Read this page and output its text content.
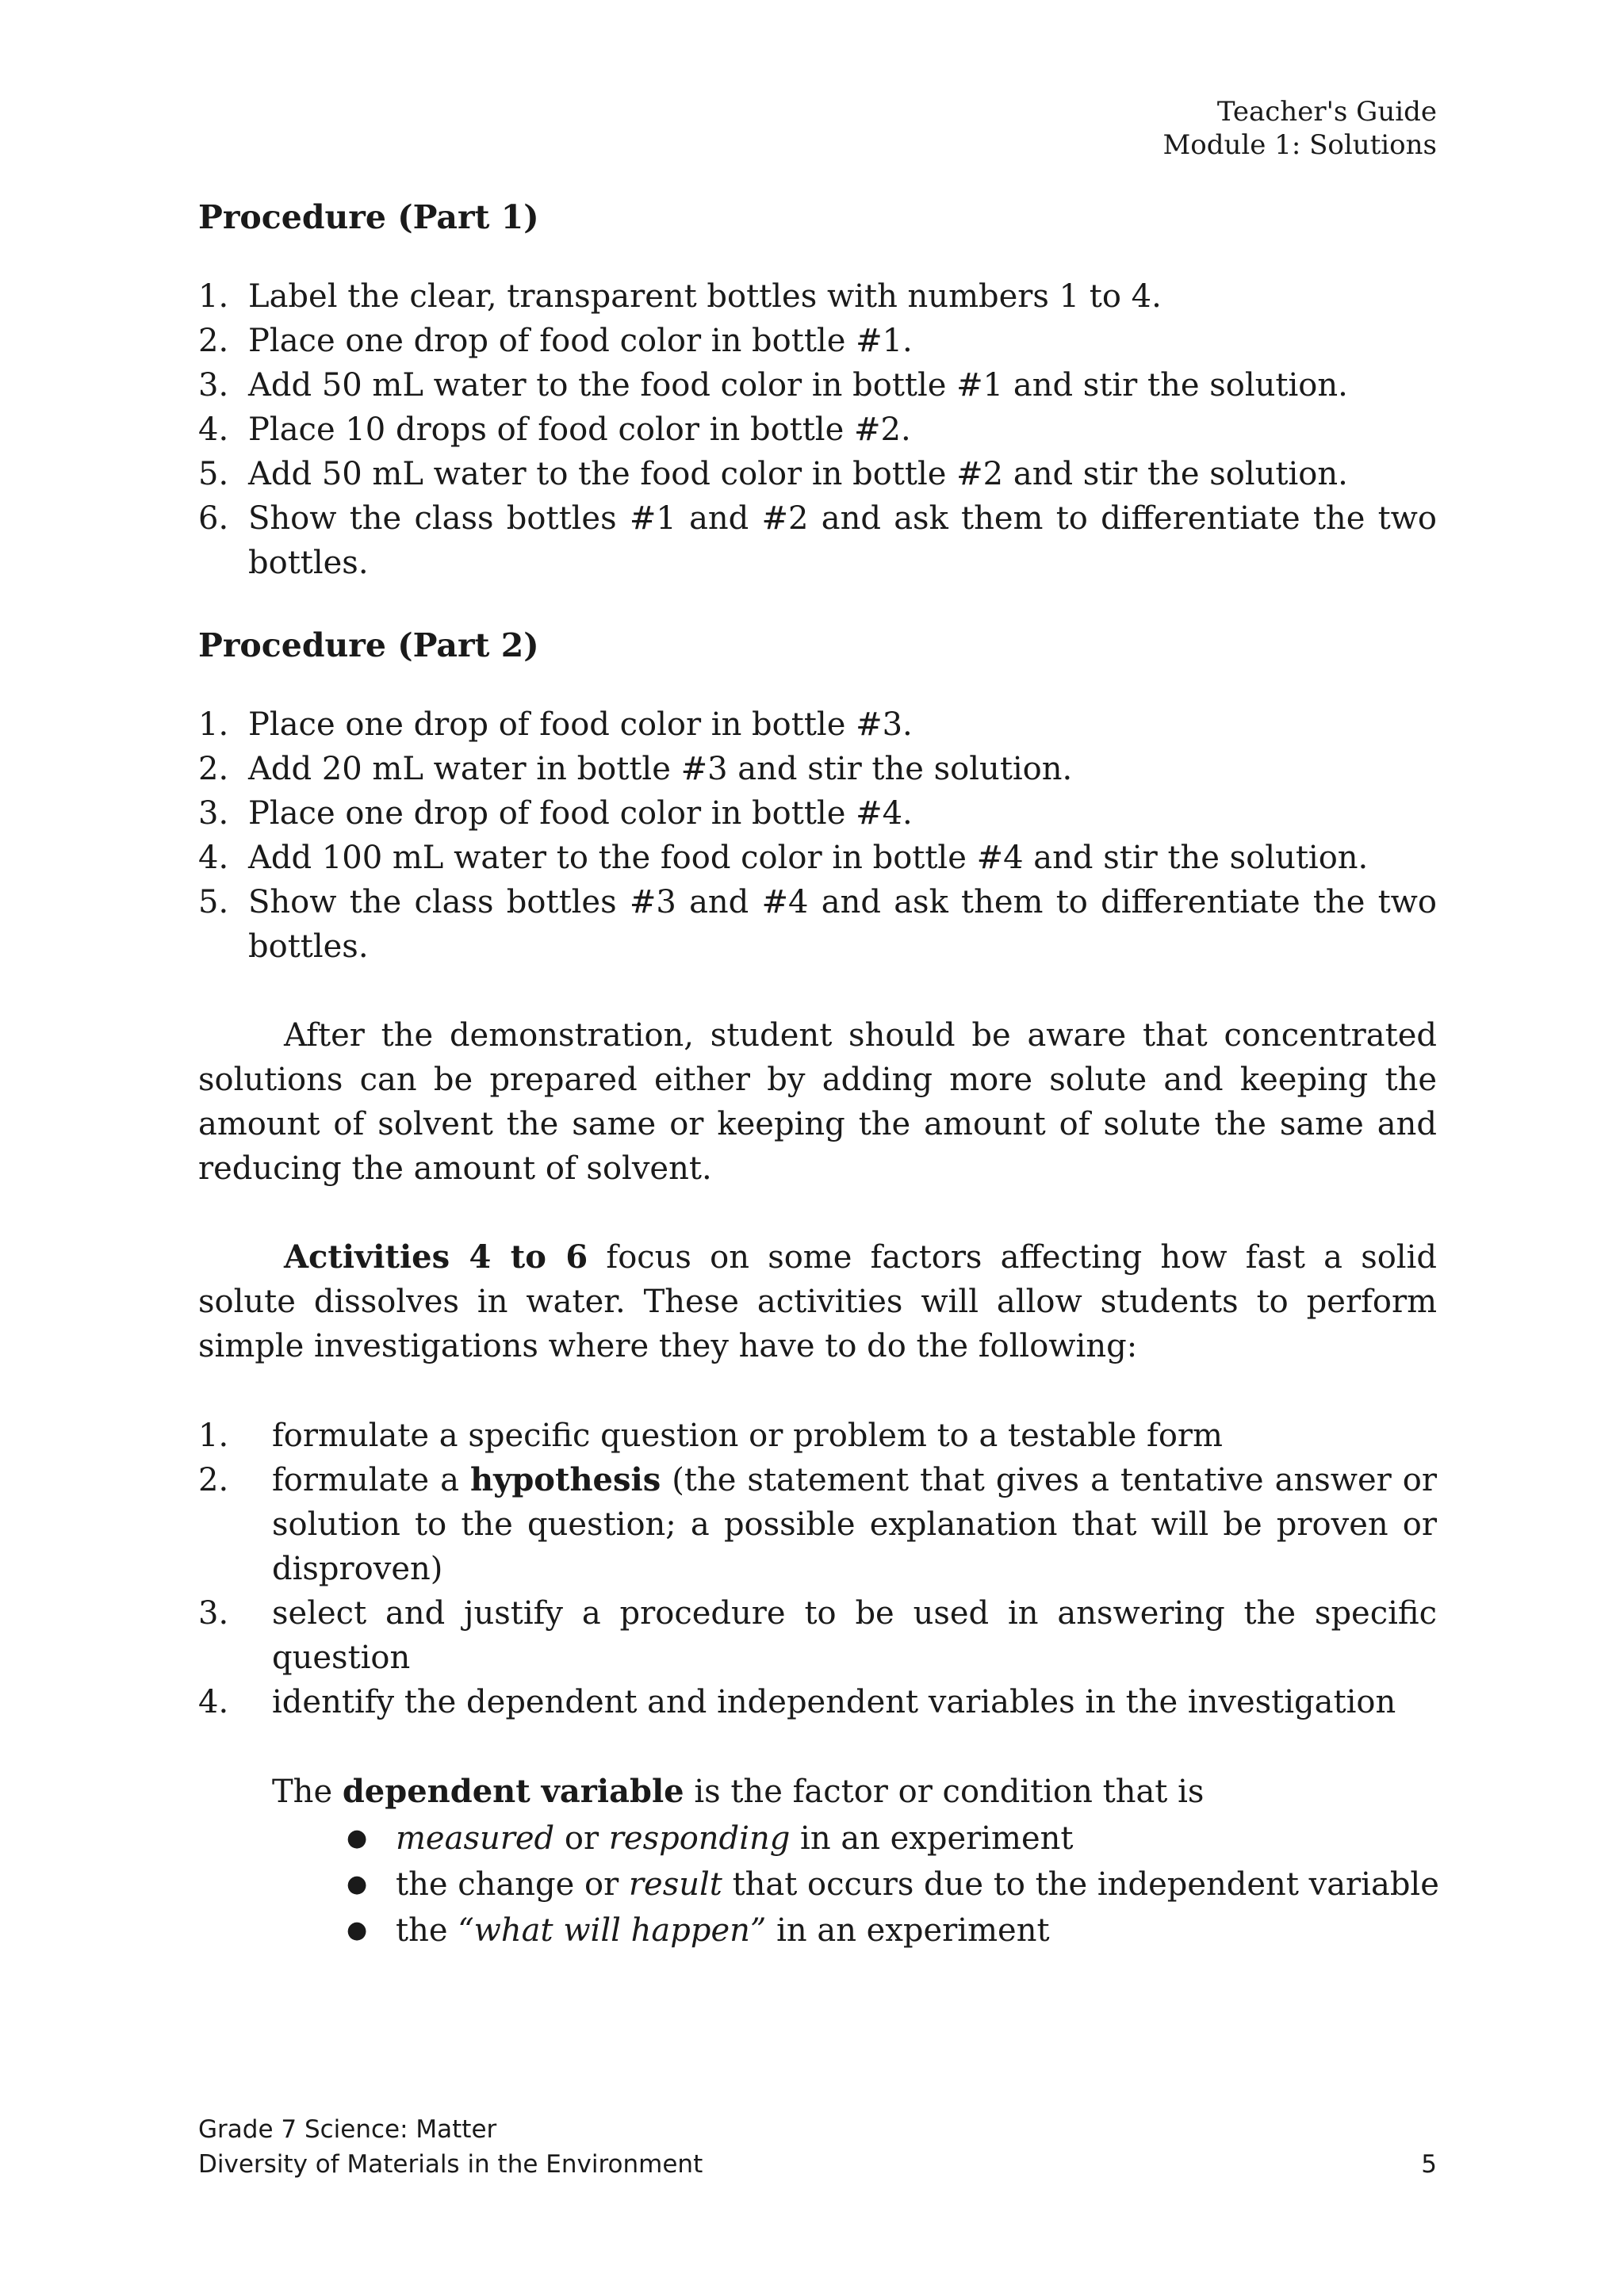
Teacher's Guide
Module 1: Solutions
Procedure (Part 1)
1. Label the clear, transparent bottles with numbers 1 to 4.
2. Place one drop of food color in bottle #1.
3. Add 50 mL water to the food color in bottle #1 and stir the solution.
4. Place 10 drops of food color in bottle #2.
5. Add 50 mL water to the food color in bottle #2 and stir the solution.
6. Show the class bottles #1 and #2 and ask them to differentiate the two bottles.
Procedure (Part 2)
1. Place one drop of food color in bottle #3.
2. Add 20 mL water in bottle #3 and stir the solution.
3. Place one drop of food color in bottle #4.
4. Add 100 mL water to the food color in bottle #4 and stir the solution.
5. Show the class bottles #3 and #4 and ask them to differentiate the two bottles.

After the demonstration, student should be aware that concentrated solutions can be prepared either by adding more solute and keeping the amount of solvent the same or keeping the amount of solute the same and reducing the amount of solvent.

Activities 4 to 6 focus on some factors affecting how fast a solid solute dissolves in water. These activities will allow students to perform simple investigations where they have to do the following:

1. formulate a specific question or problem to a testable form
2. formulate a hypothesis (the statement that gives a tentative answer or solution to the question; a possible explanation that will be proven or disproven)
3. select and justify a procedure to be used in answering the specific question
4. identify the dependent and independent variables in the investigation

The dependent variable is the factor or condition that is

● measured or responding in an experiment
● the change or result that occurs due to the independent variable
● the “what will happen” in an experiment
Grade 7 Science: Matter
Diversity of Materials in the Environment	5
